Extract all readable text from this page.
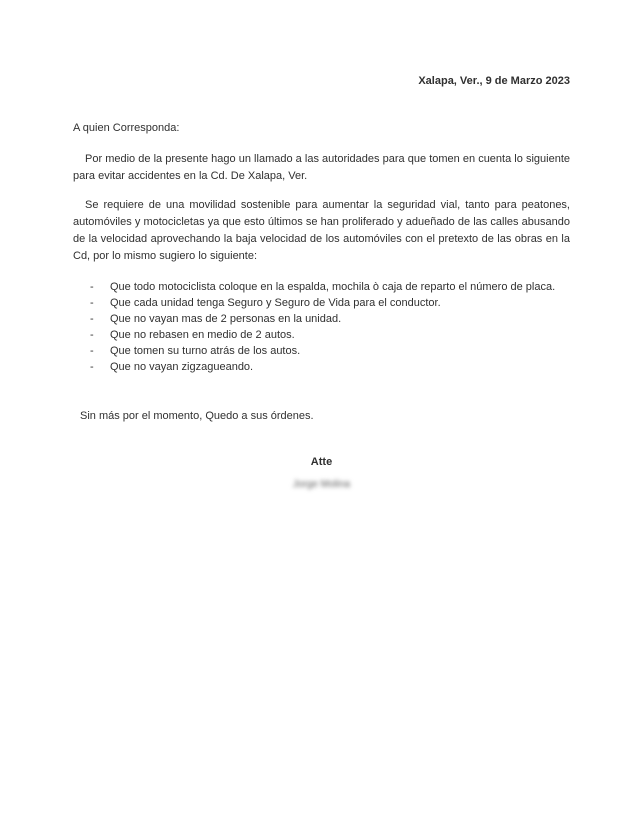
Xalapa, Ver., 9 de Marzo 2023
A quien Corresponda:

Por medio de la presente hago un llamado a las autoridades para que tomen en cuenta lo siguiente para evitar accidentes en la Cd. De Xalapa, Ver.

Se requiere de una movilidad sostenible para aumentar la seguridad vial, tanto para peatones, automóviles y motocicletas ya que esto últimos se han proliferado y adueñado de las calles abusando de la velocidad aprovechando la baja velocidad de los automóviles con el pretexto de las obras en la Cd, por lo mismo sugiero lo siguiente:

-	Que todo motociclista coloque en la espalda, mochila ò caja de reparto el número de placa.
-	Que cada unidad tenga Seguro y Seguro de Vida para el conductor.
-	Que no vayan mas de 2 personas en la unidad.
-	Que no rebasen en medio de 2 autos.
-	Que tomen su turno atrás de los autos.
-	Que no vayan zigzagueando.

Sin más por el momento, Quedo a sus órdenes.

Atte
Jorge Molina
